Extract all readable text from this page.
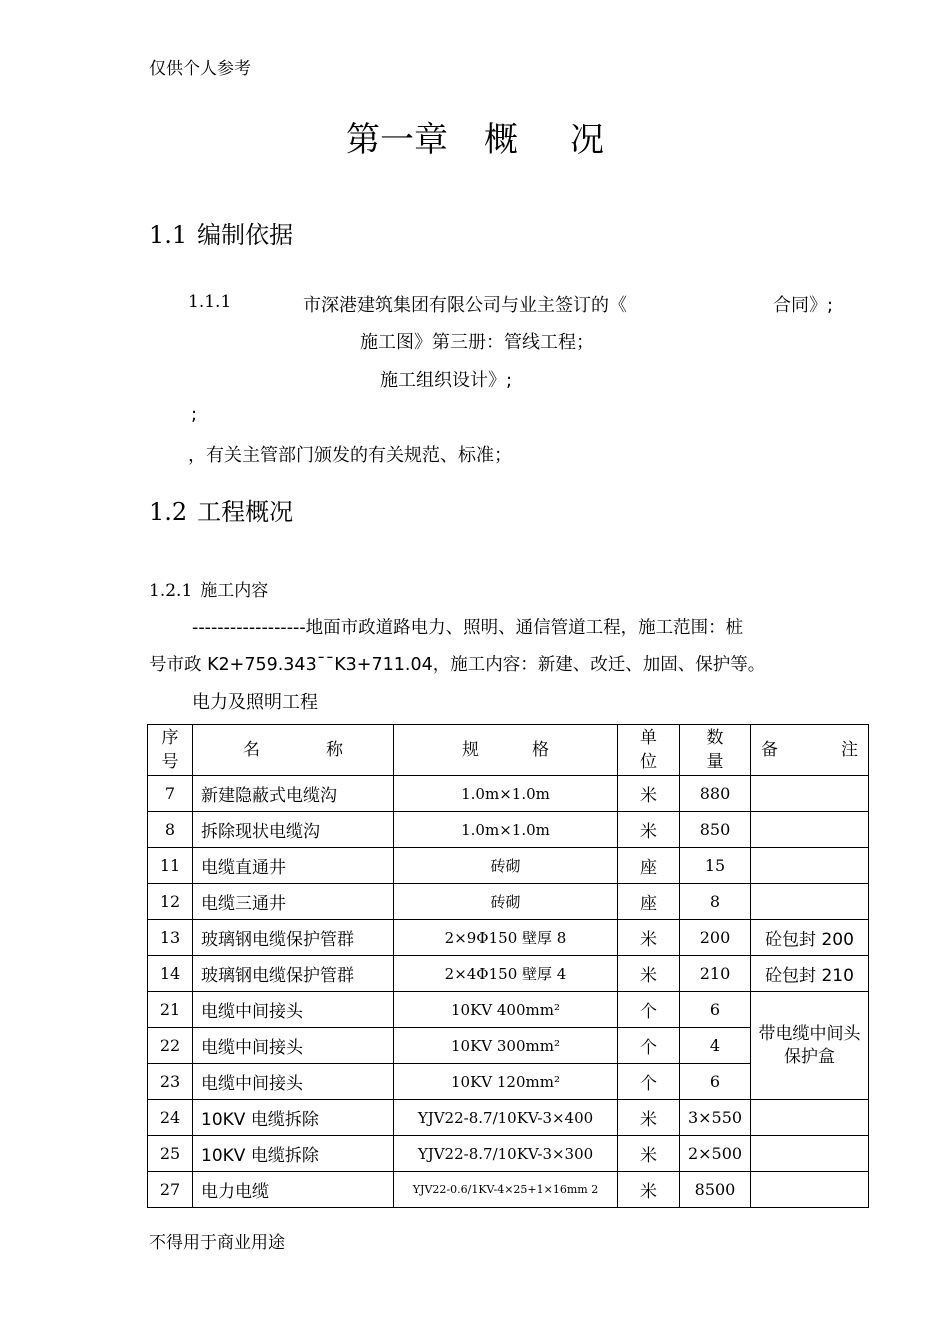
仅供个人参考
第一章 概 况
1.1 编制依据
1.1.1	市深港建筑集团有限公司与业主签订的《	合同》;
施工图》第三册：管线工程；
施工组织设计》;
;
，有关主管部门颁发的有关规范、标准；
1.2 工程概况
1.2.1 施工内容
------------------地面市政道路电力、照明、通信管道工程，施工范围：桩
号市政 K2+759.343¯¯K3+711.04，施工内容：新建、改迁、加固、保护等。
电力及照明工程
序 号	名 称	规 格	单 位	数 量	备 注

7	新建隐蔽式电缆沟	1.0m×1.0m	米	880	
8	拆除现状电缆沟	1.0m×1.0m	米	850	
11	电缆直通井	砖砌	座	15	
12	电缆三通井	砖砌	座	8	
13	玻璃钢电缆保护管群	2×9Φ150 壁厚 8	米	200	砼包封 200
14	玻璃钢电缆保护管群	2×4Φ150 壁厚 4	米	210	砼包封 210
21	电缆中间接头	10KV 400mm²	个	6	带电缆中间头保护盒
22	电缆中间接头	10KV 300mm²	个	4	
23	电缆中间接头	10KV 120mm²	个	6	
24	10KV 电缆拆除	YJV22-8.7/10KV-3×400	米	3×550	
25	10KV 电缆拆除	YJV22-8.7/10KV-3×300	米	2×500	
27	电力电缆	YJV22-0.6/1KV-4×25+1×16mm 2	米	8500	
不得用于商业用途
